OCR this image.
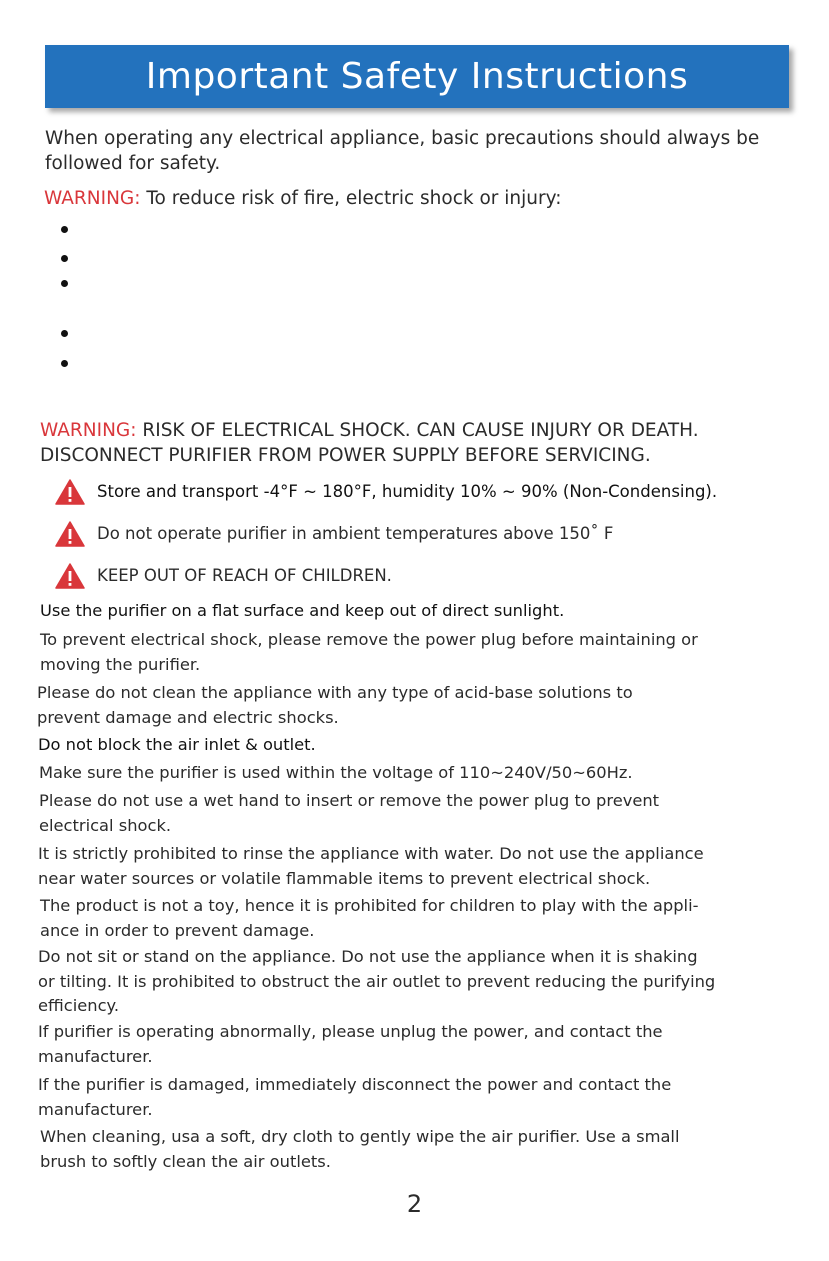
Important Safety Instructions
When operating any electrical appliance, basic precautions should always be
followed for safety.
WARNING: To reduce risk of fire, electric shock or injury:
WARNING: RISK OF ELECTRICAL SHOCK. CAN CAUSE INJURY OR DEATH.
DISCONNECT PURIFIER FROM POWER SUPPLY BEFORE SERVICING.
Store and transport -4°F ~ 180°F, humidity 10% ~ 90% (Non-Condensing).
Do not operate purifier in ambient temperatures above 150˚ F
KEEP OUT OF REACH OF CHILDREN.
Use the purifier on a flat surface and keep out of direct sunlight.
To prevent electrical shock, please remove the power plug before maintaining or
moving the purifier.
Please do not clean the appliance with any type of acid-base solutions to
prevent damage and electric shocks.
Do not block the air inlet & outlet.
Make sure the purifier is used within the voltage of 110~240V/50~60Hz.
Please do not use a wet hand to insert or remove the power plug to prevent
electrical shock.
It is strictly prohibited to rinse the appliance with water. Do not use the appliance
near water sources or volatile flammable items to prevent electrical shock.
The product is not a toy, hence it is prohibited for children to play with the appli-
ance in order to prevent damage.
Do not sit or stand on the appliance. Do not use the appliance when it is shaking
or tilting. It is prohibited to obstruct the air outlet to prevent reducing the purifying
efficiency.
If purifier is operating abnormally, please unplug the power, and contact the
manufacturer.
If the purifier is damaged, immediately disconnect the power and contact the
manufacturer.
When cleaning, usa a soft, dry cloth to gently wipe the air purifier. Use a small
brush to softly clean the air outlets.
2
